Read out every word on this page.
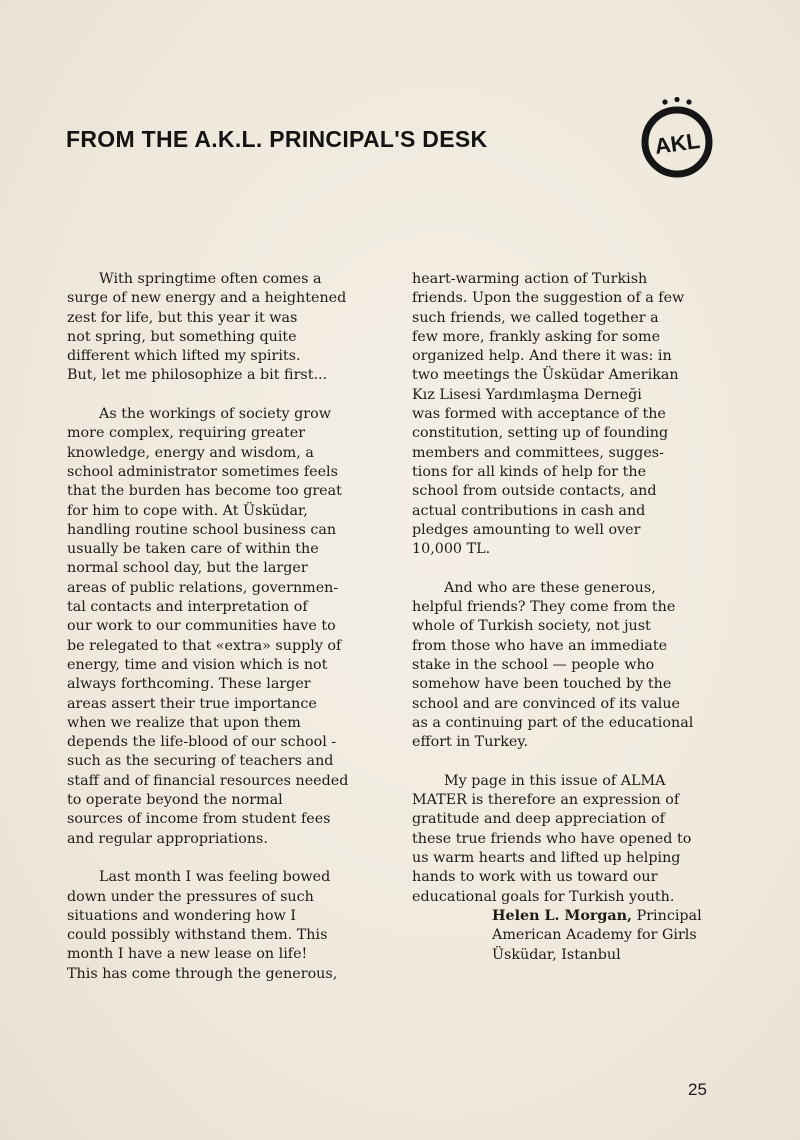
FROM THE A.K.L. PRINCIPAL'S DESK	AKL

With springtime often comes a
surge of new energy and a heightened
zest for life, but this year it was
not spring, but something quite
different which lifted my spirits.
But, let me philosophize a bit first...

As the workings of society grow
more complex, requiring greater
knowledge, energy and wisdom, a
school administrator sometimes feels
that the burden has become too great
for him to cope with. At Üsküdar,
handling routine school business can
usually be taken care of within the
normal school day, but the larger
areas of public relations, governmen-
tal contacts and interpretation of
our work to our communities have to
be relegated to that «extra» supply of
energy, time and vision which is not
always forthcoming. These larger
areas assert their true importance
when we realize that upon them
depends the life-blood of our school -
such as the securing of teachers and
staff and of financial resources needed
to operate beyond the normal
sources of income from student fees
and regular appropriations.

Last month I was feeling bowed
down under the pressures of such
situations and wondering how I
could possibly withstand them. This
month I have a new lease on life!
This has come through the generous,

heart-warming action of Turkish
friends. Upon the suggestion of a few
such friends, we called together a
few more, frankly asking for some
organized help. And there it was: in
two meetings the Üsküdar Amerikan
Kız Lisesi Yardımlaşma Derneği
was formed with acceptance of the
constitution, setting up of founding
members and committees, sugges-
tions for all kinds of help for the
school from outside contacts, and
actual contributions in cash and
pledges amounting to well over
10,000 TL.

And who are these generous,
helpful friends? They come from the
whole of Turkish society, not just
from those who have an immediate
stake in the school — people who
somehow have been touched by the
school and are convinced of its value
as a continuing part of the educational
effort in Turkey.

My page in this issue of ALMA
MATER is therefore an expression of
gratitude and deep appreciation of
these true friends who have opened to
us warm hearts and lifted up helping
hands to work with us toward our
educational goals for Turkish youth.

Helen L. Morgan, Principal
American Academy for Girls
Üsküdar, Istanbul
25
